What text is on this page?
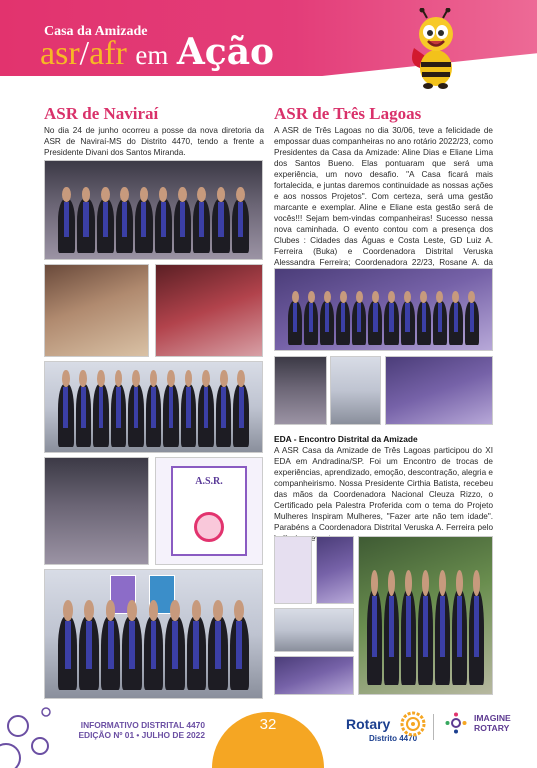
Casa da Amizade
asr/afr em Ação
ASR de Naviraí
No dia 24 de junho ocorreu a posse da nova diretoria da ASR de Naviraí-MS do Distrito 4470, tendo a frente a Presidente Divani dos Santos Miranda.
A.S.R.
ASR de Três Lagoas
A ASR de Três Lagoas no dia 30/06, teve a felicidade de empossar duas companheiras no ano rotário 2022/23, como Presidentes da Casa da Amizade: Aline Dias e Eliane Lima dos Santos Bueno. Elas pontuaram que será uma experiência, um novo desafio. "A Casa ficará mais fortalecida, e juntas daremos continuidade as nossas ações e aos nossos Projetos". Com certeza, será uma gestão marcante e exemplar. Aline e Eliane esta gestão será de vocês!!! Sejam bem-vindas companheiras! Sucesso nessa nova caminhada. O evento contou com a presença dos Clubes : Cidades das Águas e Costa Leste, GD Luiz A. Ferreira (Buka) e Coordenadora Distrital Veruska Alessandra Ferreira; Coordenadora 22/23, Rosane A. da
EDA - Encontro Distrital da Amizade
A ASR Casa da Amizade de Três Lagoas participou do XI EDA em Andradina/SP. Foi um Encontro de trocas de experiências, aprendizado, emoção, descontração, alegria e companheirismo. Nossa Presidente Cirthia Batista, recebeu das mãos da Coordenadora Nacional Cleuza Rizzo, o Certificado pela Palestra Proferida com o tema do Projeto Mulheres Inspiram Mulheres, "Fazer arte não tem idade". Parabéns a Coordenadora Distrital Veruska A. Ferreira pelo
INFORMATIVO DISTRITAL 4470
EDIÇÃO Nº 01 • JULHO DE 2022
32	Rotary
Distrito 4470
IMAGINE
ROTARY
